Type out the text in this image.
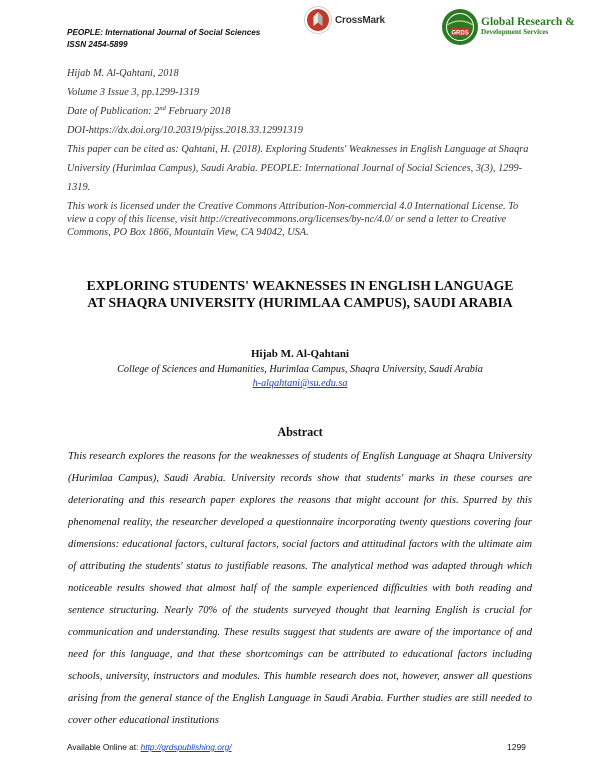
PEOPLE: International Journal of Social Sciences
ISSN 2454-5899
CrossMark
GRDS
Global Research &
Development Services
Hijab M. Al-Qahtani, 2018
Volume 3 Issue 3, pp.1299-1319
Date of Publication: 2nd February 2018
DOI-https://dx.doi.org/10.20319/pijss.2018.33.12991319
This paper can be cited as: Qahtani, H. (2018). Exploring Students' Weaknesses in English Language at Shaqra University (Hurimlaa Campus), Saudi Arabia. PEOPLE: International Journal of Social Sciences, 3(3), 1299-1319.
This work is licensed under the Creative Commons Attribution-Non-commercial 4.0 International License. To view a copy of this license, visit http://creativecommons.org/licenses/by-nc/4.0/ or send a letter to Creative Commons, PO Box 1866, Mountain View, CA 94042, USA.
EXPLORING STUDENTS' WEAKNESSES IN ENGLISH LANGUAGE AT SHAQRA UNIVERSITY (HURIMLAA CAMPUS), SAUDI ARABIA
Hijab M. Al-Qahtani
College of Sciences and Humanities, Hurimlaa Campus, Shaqra University, Saudi Arabia
h-alqahtani@su.edu.sa
Abstract
This research explores the reasons for the weaknesses of students of English Language at Shaqra University (Hurimlaa Campus), Saudi Arabia. University records show that students' marks in these courses are deteriorating and this research paper explores the reasons that might account for this. Spurred by this phenomenal reality, the researcher developed a questionnaire incorporating twenty questions covering four dimensions: educational factors, cultural factors, social factors and attitudinal factors with the ultimate aim of attributing the students' status to justifiable reasons. The analytical method was adapted through which noticeable results showed that almost half of the sample experienced difficulties with both reading and sentence structuring. Nearly 70% of the students surveyed thought that learning English is crucial for communication and understanding. These results suggest that students are aware of the importance of and need for this language, and that these shortcomings can be attributed to educational factors including schools, university, instructors and modules. This humble research does not, however, answer all questions arising from the general stance of the English Language in Saudi Arabia. Further studies are still needed to cover other educational institutions
Available Online at: http://grdspublishing.org/	1299
